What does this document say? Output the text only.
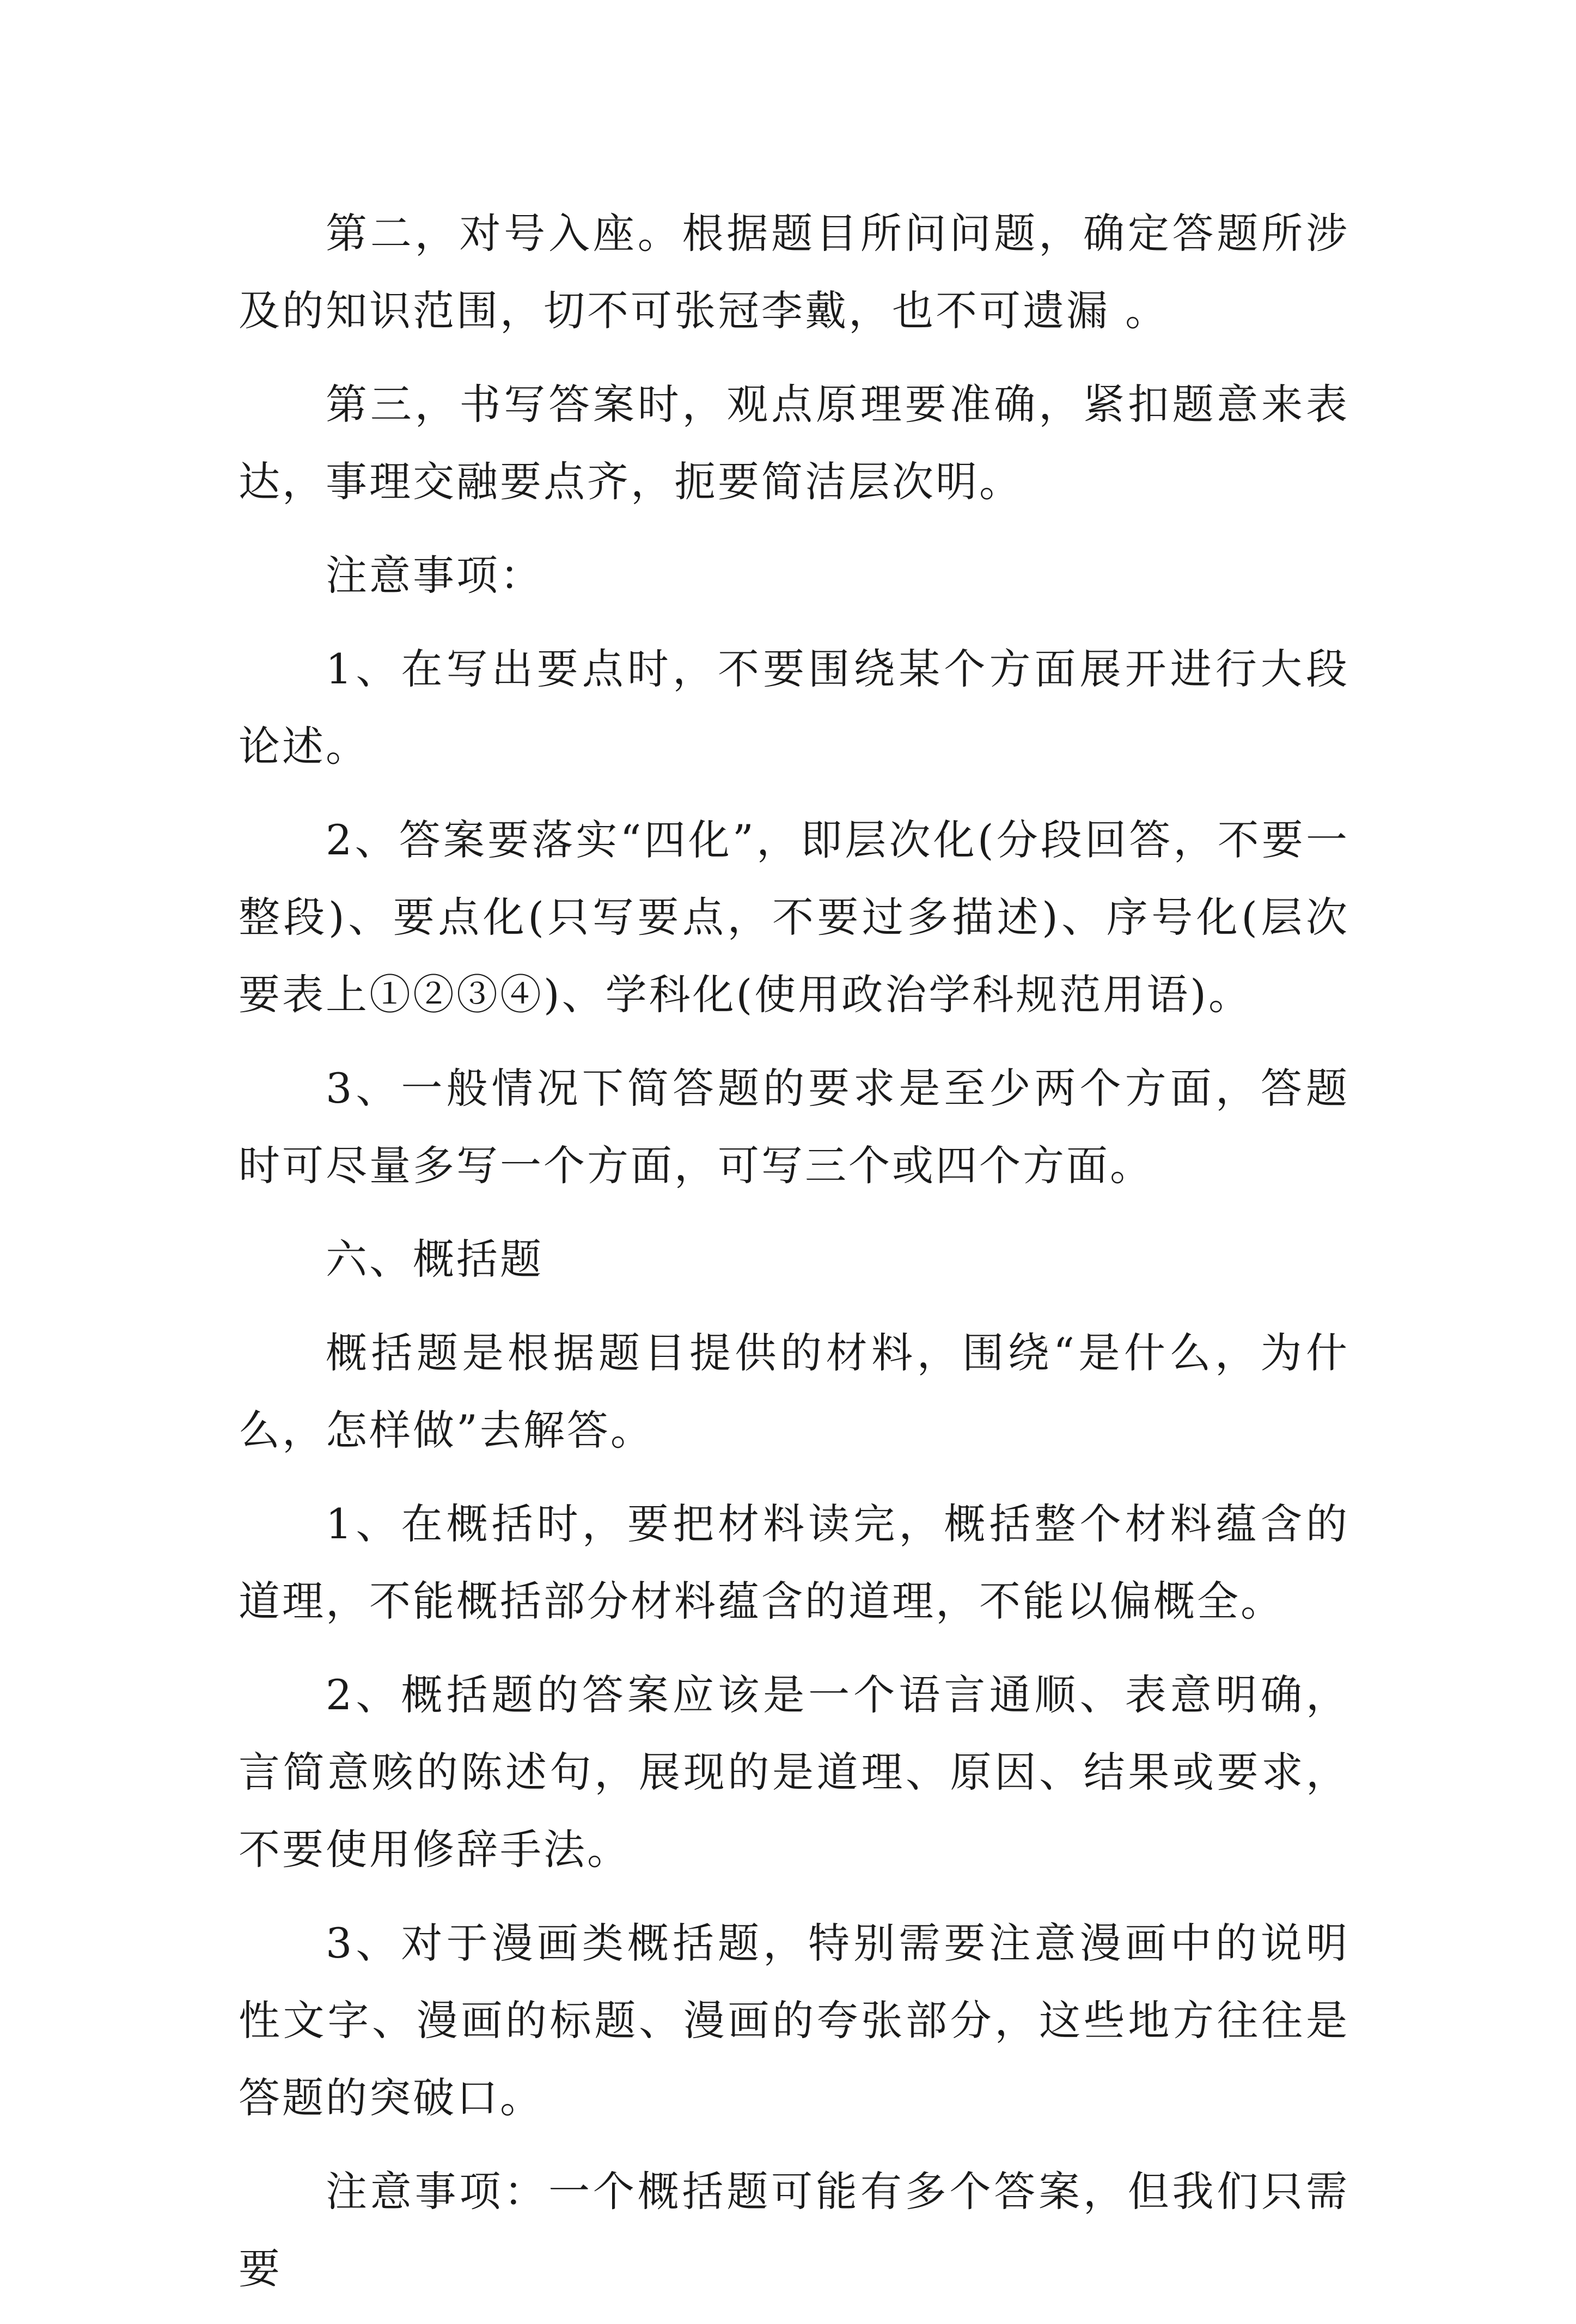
第二，对号入座。根据题目所问问题，确定答题所涉及的知识范围，切不可张冠李戴，也不可遗漏 。

第三，书写答案时，观点原理要准确，紧扣题意来表达，事理交融要点齐，扼要简洁层次明。

注意事项：

1、在写出要点时，不要围绕某个方面展开进行大段论述。

2、答案要落实“四化”，即层次化(分段回答，不要一整段)、要点化(只写要点，不要过多描述)、序号化(层次要表上①②③④)、学科化(使用政治学科规范用语)。

3、一般情况下简答题的要求是至少两个方面，答题时可尽量多写一个方面，可写三个或四个方面。

六、概括题

概括题是根据题目提供的材料，围绕“是什么，为什么，怎样做”去解答。

1、在概括时，要把材料读完，概括整个材料蕴含的道理，不能概括部分材料蕴含的道理，不能以偏概全。

2、概括题的答案应该是一个语言通顺、表意明确，言简意赅的陈述句，展现的是道理、原因、结果或要求，不要使用修辞手法。

3、对于漫画类概括题，特别需要注意漫画中的说明性文字、漫画的标题、漫画的夸张部分，这些地方往往是答题的突破口。

注意事项：一个概括题可能有多个答案，但我们只需要
